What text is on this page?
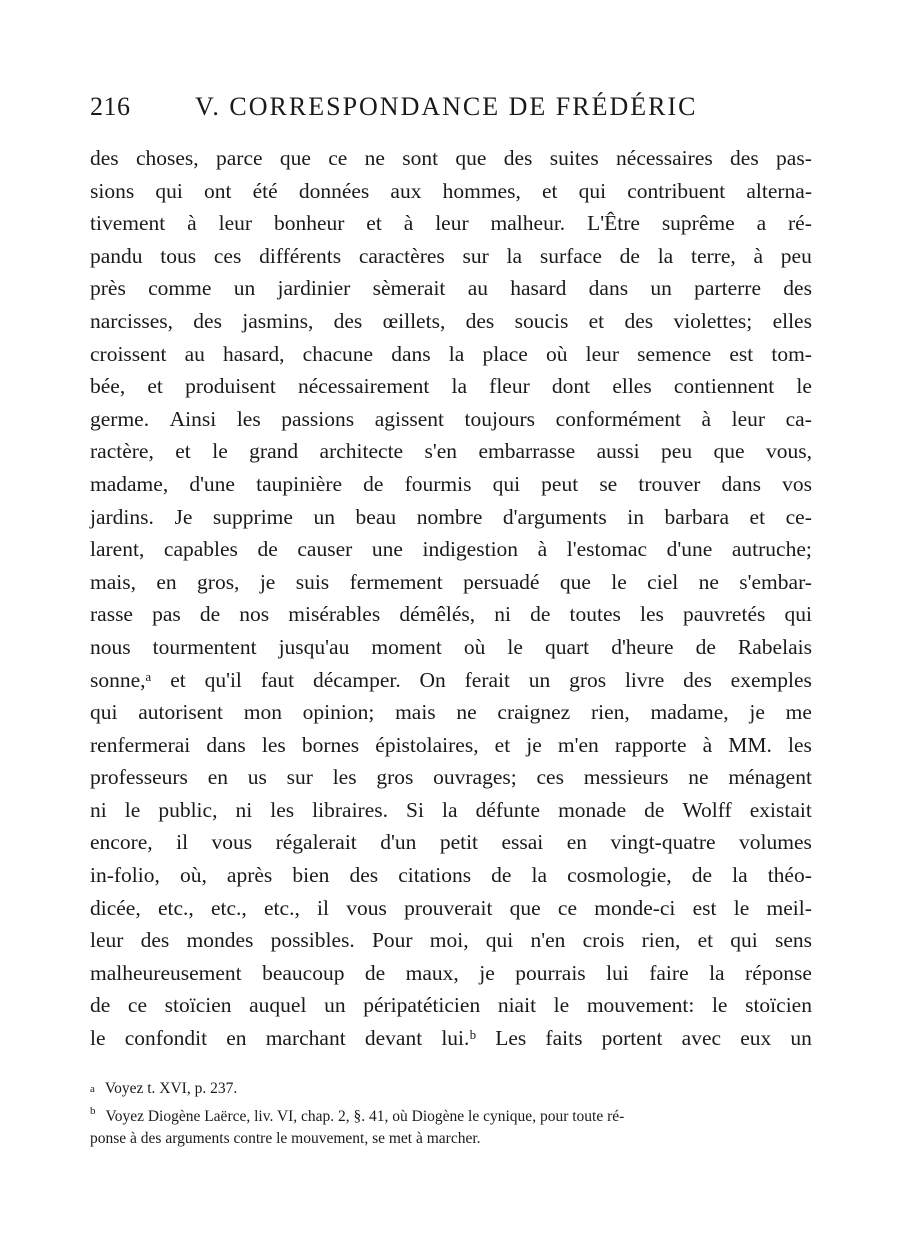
216 V. CORRESPONDANCE DE FRÉDÉRIC
des choses, parce que ce ne sont que des suites nécessaires des pas-
sions qui ont été données aux hommes, et qui contribuent alterna-
tivement à leur bonheur et à leur malheur. L'Être suprême a ré-
pandu tous ces différents caractères sur la surface de la terre, à peu
près comme un jardinier sèmerait au hasard dans un parterre des
narcisses, des jasmins, des œillets, des soucis et des violettes; elles
croissent au hasard, chacune dans la place où leur semence est tom-
bée, et produisent nécessairement la fleur dont elles contiennent le
germe. Ainsi les passions agissent toujours conformément à leur ca-
ractère, et le grand architecte s'en embarrasse aussi peu que vous,
madame, d'une taupinière de fourmis qui peut se trouver dans vos
jardins. Je supprime un beau nombre d'arguments in barbara et ce-
larent, capables de causer une indigestion à l'estomac d'une autruche;
mais, en gros, je suis fermement persuadé que le ciel ne s'embar-
rasse pas de nos misérables démêlés, ni de toutes les pauvretés qui
nous tourmentent jusqu'au moment où le quart d'heure de Rabelais
sonne,ᵃ et qu'il faut décamper. On ferait un gros livre des exemples
qui autorisent mon opinion; mais ne craignez rien, madame, je me
renfermerai dans les bornes épistolaires, et je m'en rapporte à MM. les
professeurs en us sur les gros ouvrages; ces messieurs ne ménagent
ni le public, ni les libraires. Si la défunte monade de Wolff existait
encore, il vous régalerait d'un petit essai en vingt-quatre volumes
in-folio, où, après bien des citations de la cosmologie, de la théo-
dicée, etc., etc., etc., il vous prouverait que ce monde-ci est le meil-
leur des mondes possibles. Pour moi, qui n'en crois rien, et qui sens
malheureusement beaucoup de maux, je pourrais lui faire la réponse
de ce stoïcien auquel un péripatéticien niait le mouvement: le stoïcien
le confondit en marchant devant lui.ᵇ Les faits portent avec eux un
a Voyez t. XVI, p. 237.
$^b$ Voyez Diogène Laërce, liv. VI, chap. 2, §. 41, où Diogène le cynique, pour toute ré-
ponse à des arguments contre le mouvement, se met à marcher.
